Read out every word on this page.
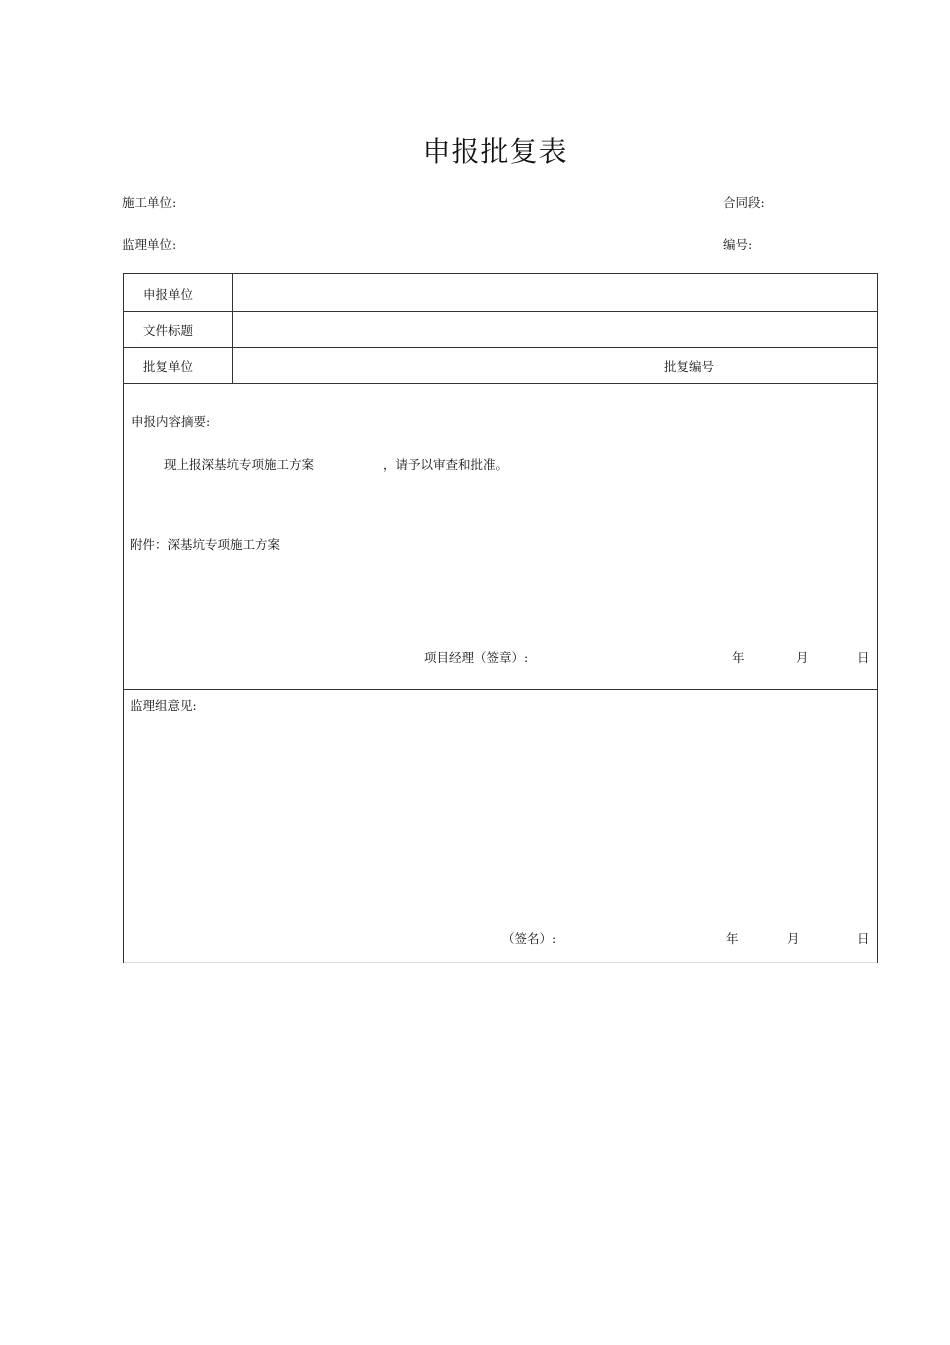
申报批复表
施工单位:	合同段:
监理单位:	编号:
申报单位
文件标题
批复单位	批复编号
申报内容摘要:
现上报深基坑专项施工方案	，请予以审查和批准。
附件：深基坑专项施工方案
项目经理（签章）:	年	月	日
监理组意见:
（签名）:	年	月	日
